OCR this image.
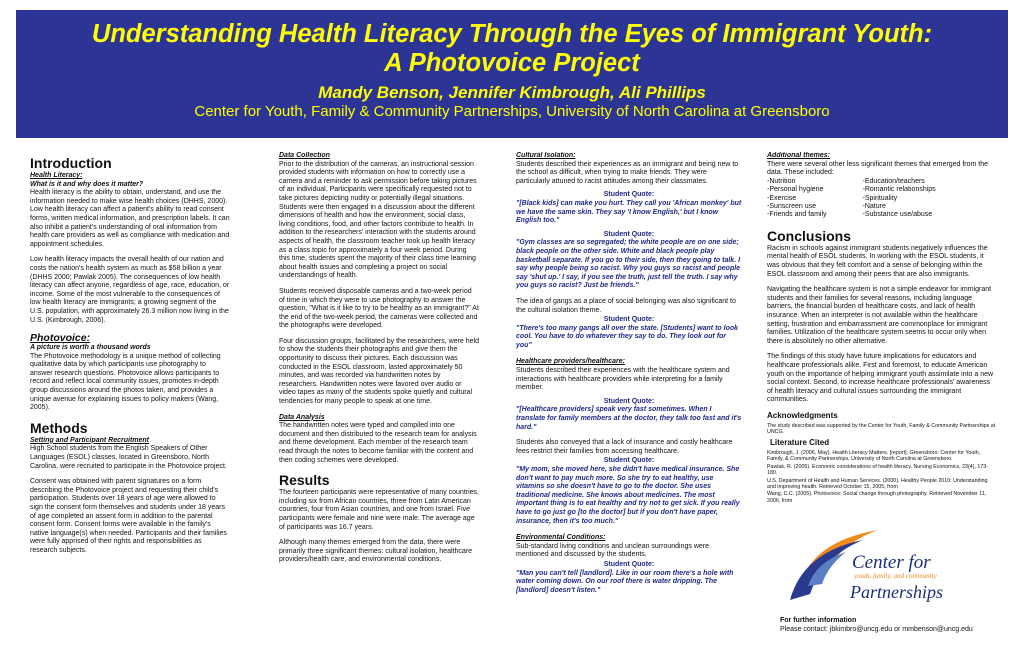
Understanding Health Literacy Through the Eyes of Immigrant Youth:
A Photovoice Project
Mandy Benson, Jennifer Kimbrough, Ali Phillips
Center for Youth, Family & Community Partnerships, University of North Carolina at Greensboro
Introduction
Health Literacy:
What is it and why does it matter?

Health literacy is the ability to obtain, understand, and use the information needed to make wise health choices (DHHS, 2000). Low health literacy can affect a patient's ability to read consent forms, written medical information, and prescription labels. It can also inhibit a patient's understanding of oral information from health care providers as well as compliance with medication and appointment schedules.

Low health literacy impacts the overall health of our nation and costs the nation's health system as much as $58 billion a year (DHHS 2000; Pawlak 2005). The consequences of low health literacy can affect anyone, regardless of age, race, education, or income. Some of the most vulnerable to the consequences of low health literacy are immigrants; a growing segment of the U.S. population, with approximately 26.3 million now living in the U.S. (Kimbrough, 2006).

Photovoice:
A picture is worth a thousand words

The Photovoice methodology is a unique method of collecting qualitative data by which participants use photography to answer research questions. Photovoice allows participants to record and reflect local community issues, promotes in-depth group discussions around the photos taken, and provides a unique avenue for explaining issues to policy makers (Wang, 2005).

Methods
Setting and Participant Recruitment

High School students from the English Speakers of Other Languages (ESOL) classes, located in Greensboro, North Carolina, were recruited to participate in the Photovoice project.

Consent was obtained with parent signatures on a form describing the Photovoice project and requesting their child's participation. Students over 18 years of age were allowed to sign the consent form themselves and students under 18 years of age completed an assent form in addition to the parental consent form. Consent forms were available in the family's native language(s) when needed. Participants and their families were fully apprised of their rights and responsibilities as research subjects.

Data Collection

Prior to the distribution of the cameras, an instructional session provided students with information on how to correctly use a camera and a reminder to ask permission before taking pictures of an individual. Participants were specifically requested not to take pictures depicting nudity or potentially illegal situations.

Students were then engaged in a discussion about the different dimensions of health and how the environment, social class, living conditions, food, and other factors contribute to health. In addition to the researchers' interaction with the students around aspects of health, the classroom teacher took up health literacy as a class topic for approximately a four week period. During this time, students spent the majority of their class time learning about health issues and completing a project on social understandings of health.

Students received disposable cameras and a two-week period of time in which they were to use photography to answer the question, "What is it like to try to be healthy as an immigrant?" At the end of the two-week period, the cameras were collected and the photographs were developed.

Four discussion groups, facilitated by the researchers, were held to show the students their photographs and give them the opportunity to discuss their pictures. Each discussion was conducted in the ESOL classroom, lasted approximately 50 minutes, and was recorded via handwritten notes by researchers. Handwritten notes were favored over audio or video tapes as many of the students spoke quietly and cultural tendencies for many people to speak at one time.

Data Analysis

The handwritten notes were typed and compiled into one document and then distributed to the research team for analysis and theme development. Each member of the research team read through the notes to become familiar with the content and then coding schemes were developed.

Results

The fourteen participants were representative of many countries, including six from African countries, three from Latin American countries, four from Asian countries, and one from Israel. Five participants were female and nine were male. The average age of participants was 16.7 years.

Although many themes emerged from the data, there were primarily three significant themes: cultural isolation, healthcare providers/health care, and environmental conditions.

Cultural Isolation:

Students described their experiences as an immigrant and being new to the school as difficult, when trying to make friends. They were particularly attuned to racist attitudes among their classmates.

Student Quote:
"[Black kids] can make you hurt. They call you 'African monkey' but we have the same skin. They say 'I know English,' but I know English too."
Student Quote:
"Gym classes are so segregated; the white people are on one side; black people on the other side. White and black people play basketball separate. If you go to their side, then they going to talk. I say why people being so racist. Why you guys so racist and people say 'shut up.' I say, if you see the truth, just tell the truth. I say why you guys so racist? Just be friends."

The idea of gangs as a place of social belonging was also significant to the cultural isolation theme.

Student Quote:
"There's too many gangs all over the state. [Students] want to look cool. You have to do whatever they say to do. They look out for you"
Healthcare providers/healthcare:

Students described their experiences with the healthcare system and interactions with healthcare providers while interpreting for a family member.

Student Quote:
"[Healthcare providers] speak very fast sometimes. When I translate for family members at the doctor, they talk too fast and it's hard."

Students also conveyed that a lack of insurance and costly healthcare fees restrict their families from accessing healthcare.

Student Quote:
"My mom, she moved here, she didn't have medical insurance. She don't want to pay much more. So she try to eat healthy, use vitamins so she doesn't have to go to the doctor. She uses traditional medicine. She knows about medicines. The most important thing is to eat healthy and try not to get sick. If you really have to go just go [to the doctor] but if you don't have paper, insurance, then it's too much."
Environmental Conditions:

Sub-standard living conditions and unclean surroundings were mentioned and discussed by the students.

Student Quote:
"Man you can't tell [landlord]. Like in our room there's a hole with water coming down. On our roof there is water dripping. The [landlord] doesn't listen."
Additional themes:

There were several other less significant themes that emerged from the data. These included:

-Nutrition	-Education/teachers
-Personal hygiene	-Romantic relationships
-Exercise	-Spirituality
-Sunscreen use	-Nature
-Friends and family	-Substance use/abuse
Conclusions

Racism in schools against immigrant students negatively influences the mental health of ESOL students. In working with the ESOL students, it was obvious that they felt comfort and a sense of belonging within the ESOL classroom and among their peers that are also immigrants.

Navigating the healthcare system is not a simple endeavor for immigrant students and their families for several reasons, including language barriers, the financial burden of healthcare costs, and lack of health insurance. When an interpreter is not available within the healthcare setting, frustration and embarrassment are commonplace for immigrant families. Utilization of the healthcare system seems to occur only when there is absolutely no other alternative.

The findings of this study have future implications for educators and healthcare professionals alike. First and foremost, to educate American youth on the importance of helping immigrant youth assimilate into a new social context. Second, to increase healthcare professionals' awareness of health literacy and cultural issues surrounding the immigrant communities.

Acknowledgments
The study described was supported by the Center for Youth, Family & Community Partnerships at UNCG.
Literature Cited
Kimbrough, J. (2006, May). Health Literacy Matters. [report]. Greensboro: Center for Youth, Family, & Community Partnerships, University of North Carolina at Greensboro.
Pawlak, R. (2005). Economic considerations of health literacy. Nursing Economics, 23(4), 173-180.
U.S. Department of Health and Human Services. (2000). Healthy People 2010: Understanding and improving health. Retrieved October 15, 2005, from
Wang, C.C. (2005). Photovoice: Social change through photography. Retrieved November 11, 2006, from
Center for
youth, family, and community
Partnerships
For further information
Please contact: jbkimbro@uncg.edu or mmbenson@uncg.edu
